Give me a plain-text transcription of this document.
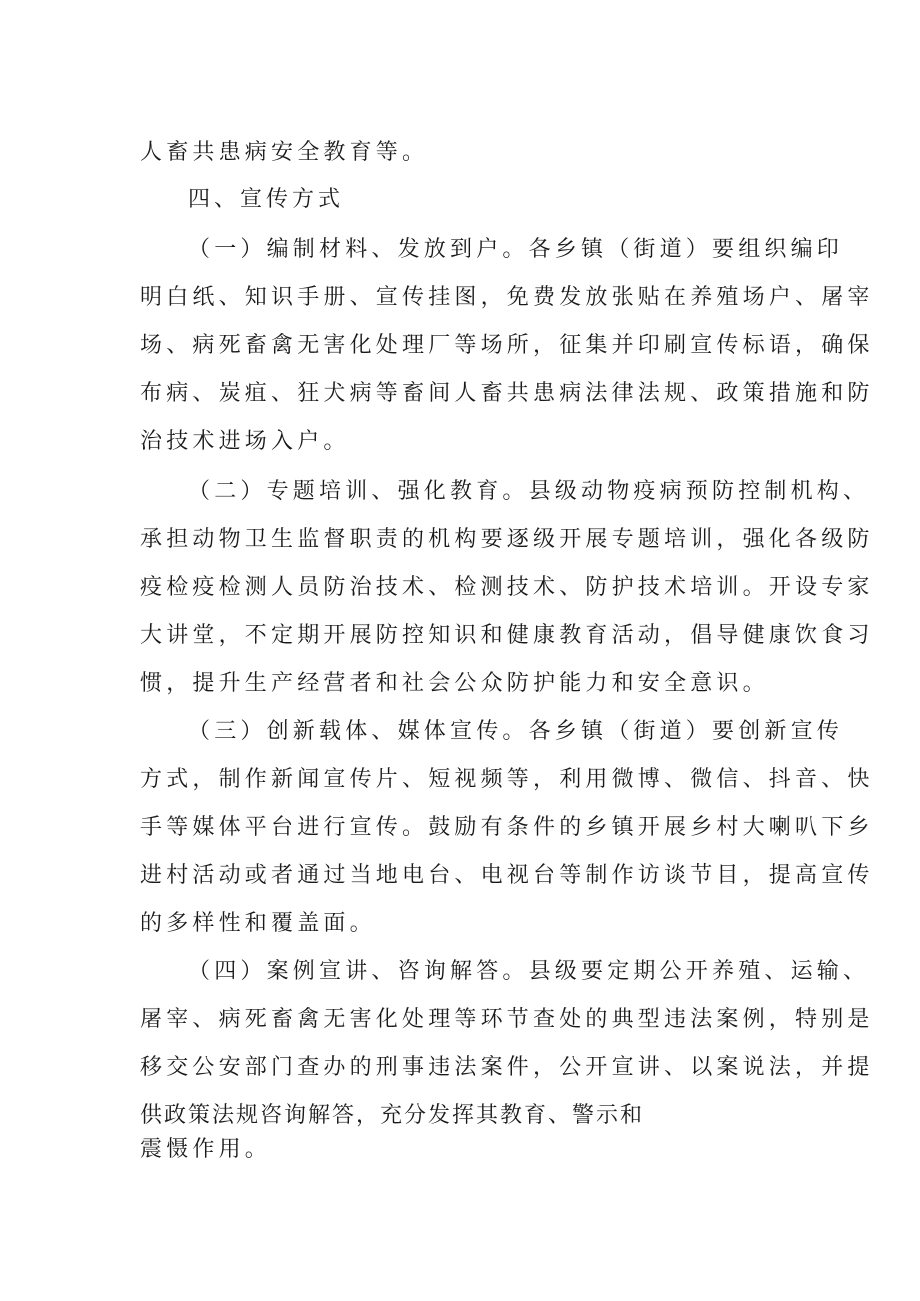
人畜共患病安全教育等。
四、宣传方式
（一）编制材料、发放到户。各乡镇（街道）要组织编印
明白纸、知识手册、宣传挂图，免费发放张贴在养殖场户、屠宰
场、病死畜禽无害化处理厂等场所，征集并印刷宣传标语，确保
布病、炭疽、狂犬病等畜间人畜共患病法律法规、政策措施和防
治技术进场入户。
（二）专题培训、强化教育。县级动物疫病预防控制机构、
承担动物卫生监督职责的机构要逐级开展专题培训，强化各级防
疫检疫检测人员防治技术、检测技术、防护技术培训。开设专家
大讲堂，不定期开展防控知识和健康教育活动，倡导健康饮食习
惯，提升生产经营者和社会公众防护能力和安全意识。
（三）创新载体、媒体宣传。各乡镇（街道）要创新宣传
方式，制作新闻宣传片、短视频等，利用微博、微信、抖音、快
手等媒体平台进行宣传。鼓励有条件的乡镇开展乡村大喇叭下乡
进村活动或者通过当地电台、电视台等制作访谈节目，提高宣传
的多样性和覆盖面。
（四）案例宣讲、咨询解答。县级要定期公开养殖、运输、
屠宰、病死畜禽无害化处理等环节查处的典型违法案例，特别是
移交公安部门查办的刑事违法案件，公开宣讲、以案说法，并提
供政策法规咨询解答，充分发挥其教育、警示和
震慑作用。
